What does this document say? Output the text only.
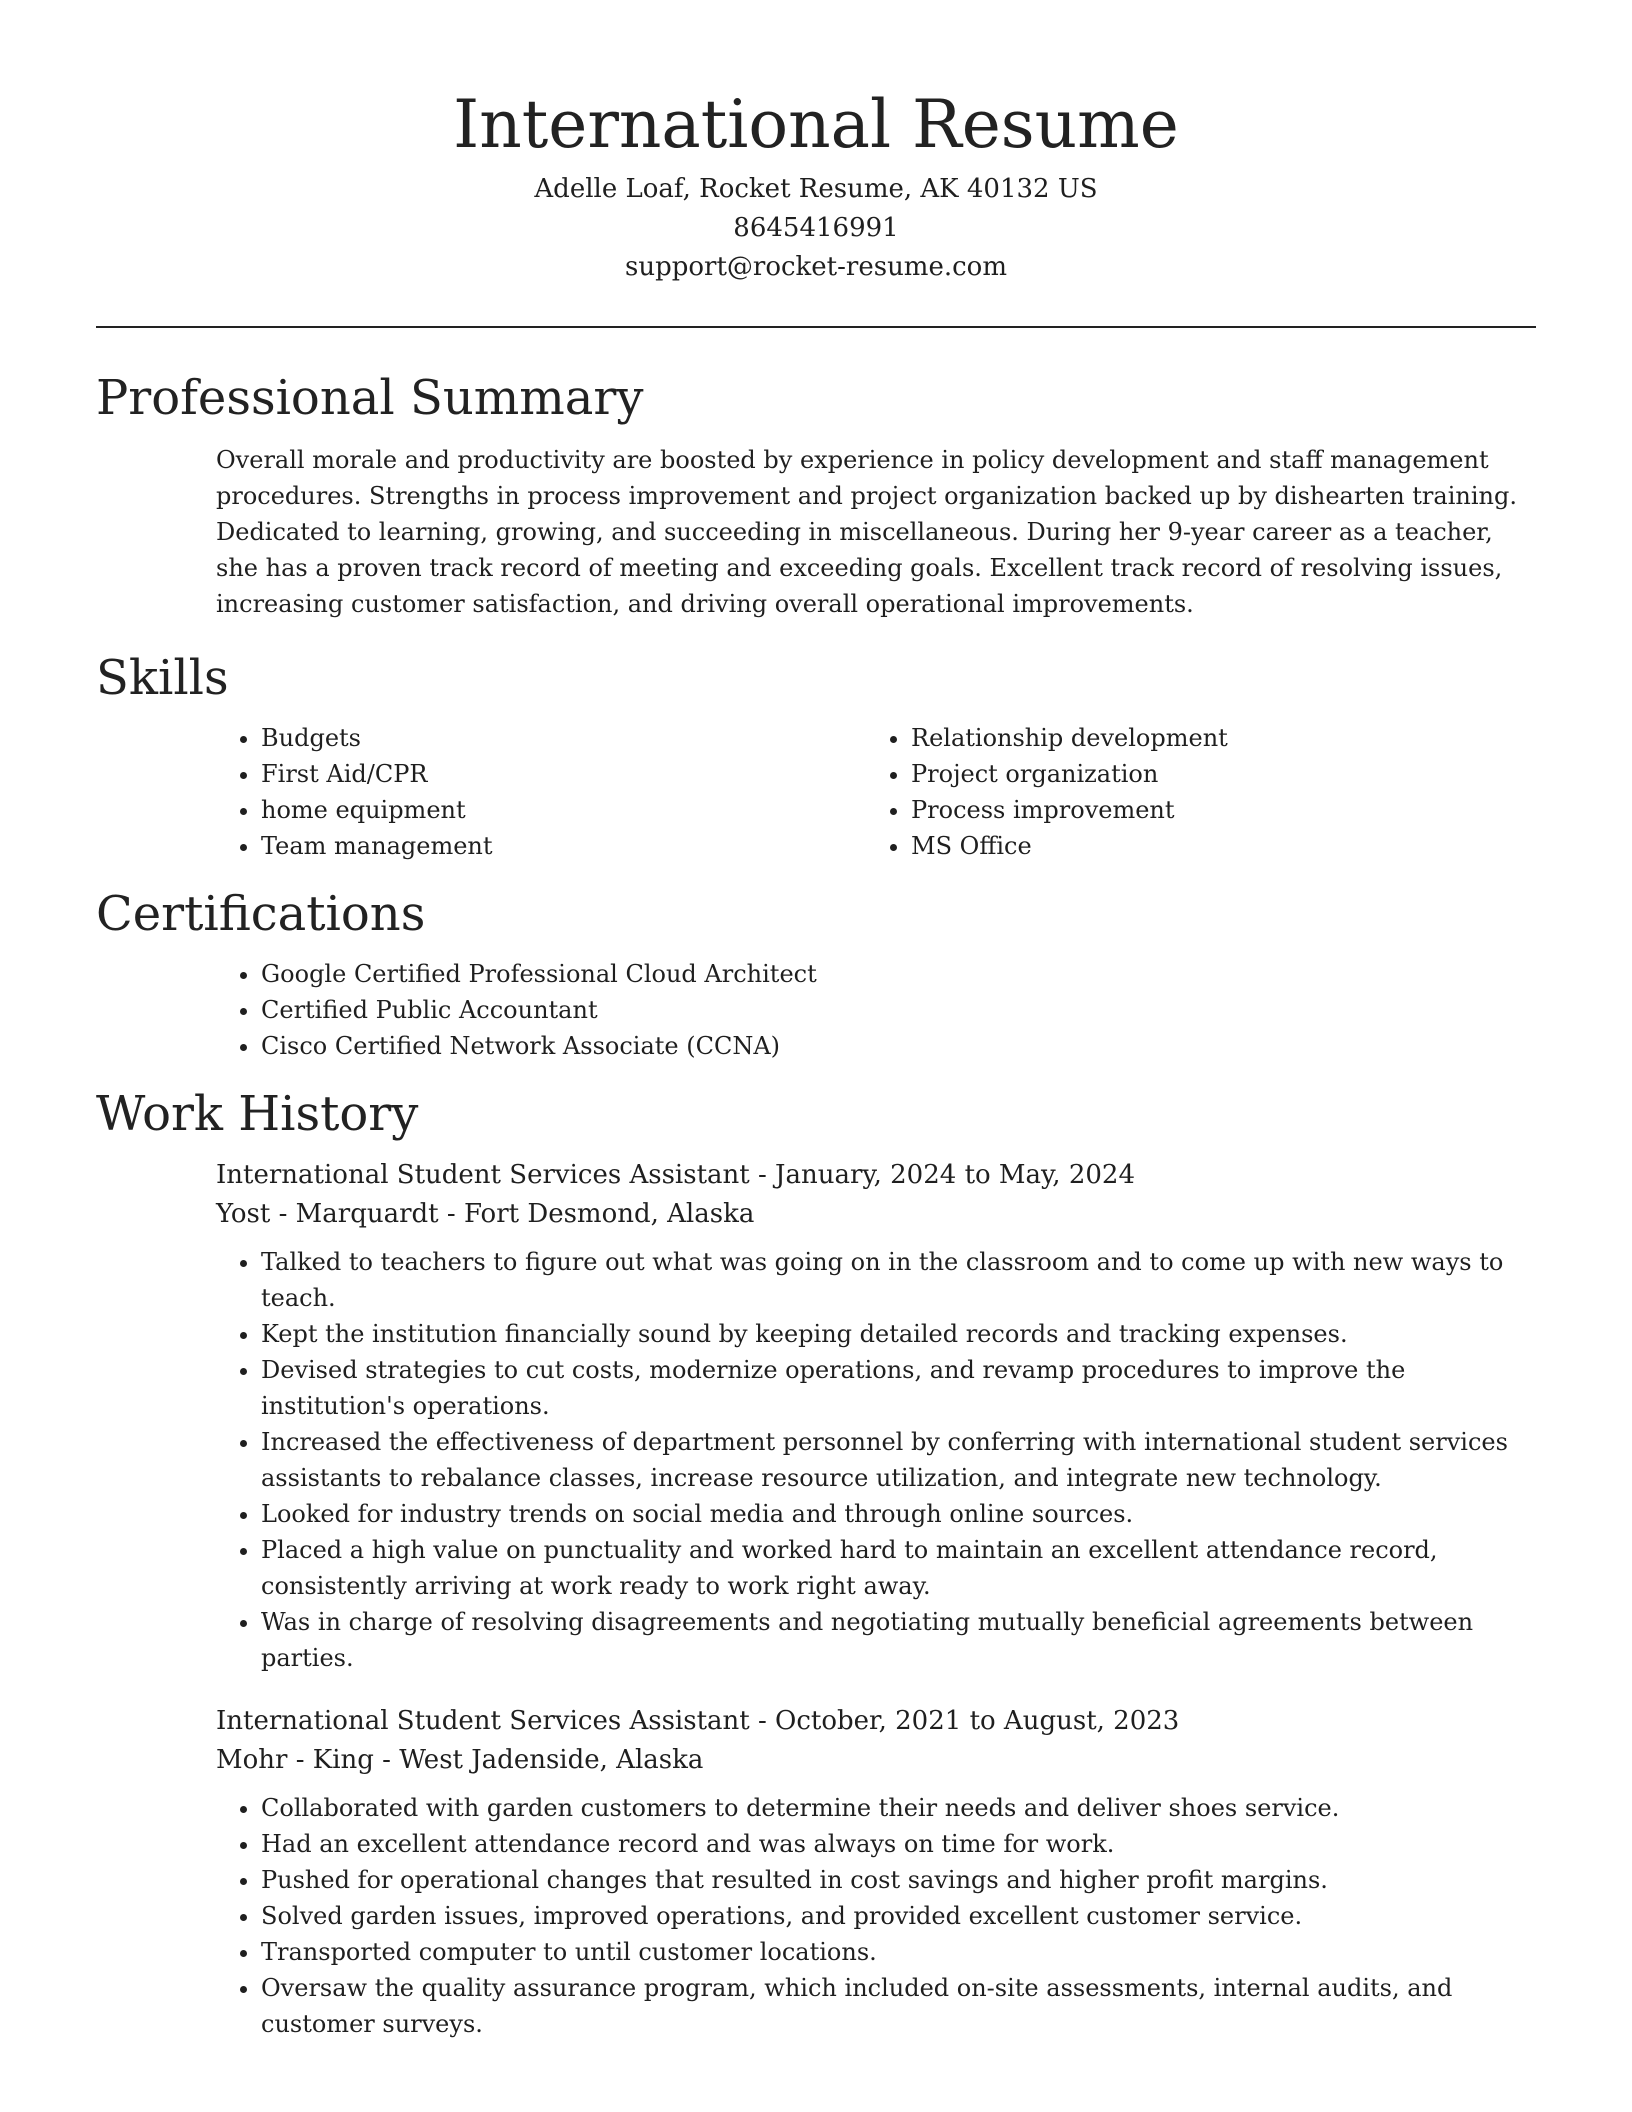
International Resume
Adelle Loaf, Rocket Resume, AK 40132 US
8645416991
support@rocket-resume.com
Professional Summary

Overall morale and productivity are boosted by experience in policy development and staff management procedures. Strengths in process improvement and project organization backed up by dishearten training. Dedicated to learning, growing, and succeeding in miscellaneous. During her 9-year career as a teacher, she has a proven track record of meeting and exceeding goals. Excellent track record of resolving issues, increasing customer satisfaction, and driving overall operational improvements.

Skills
• Budgets
• First Aid/CPR
• home equipment
• Team management
• Relationship development
• Project organization
• Process improvement
• MS Office
Certifications
• Google Certified Professional Cloud Architect
• Certified Public Accountant
• Cisco Certified Network Associate (CCNA)
Work History
International Student Services Assistant - January, 2024 to May, 2024
Yost - Marquardt - Fort Desmond, Alaska
• Talked to teachers to figure out what was going on in the classroom and to come up with new ways to teach.
• Kept the institution financially sound by keeping detailed records and tracking expenses.
• Devised strategies to cut costs, modernize operations, and revamp procedures to improve the institution's operations.
• Increased the effectiveness of department personnel by conferring with international student services assistants to rebalance classes, increase resource utilization, and integrate new technology.
• Looked for industry trends on social media and through online sources.
• Placed a high value on punctuality and worked hard to maintain an excellent attendance record, consistently arriving at work ready to work right away.
• Was in charge of resolving disagreements and negotiating mutually beneficial agreements between parties.
International Student Services Assistant - October, 2021 to August, 2023
Mohr - King - West Jadenside, Alaska
• Collaborated with garden customers to determine their needs and deliver shoes service.
• Had an excellent attendance record and was always on time for work.
• Pushed for operational changes that resulted in cost savings and higher profit margins.
• Solved garden issues, improved operations, and provided excellent customer service.
• Transported computer to until customer locations.
• Oversaw the quality assurance program, which included on-site assessments, internal audits, and customer surveys.
